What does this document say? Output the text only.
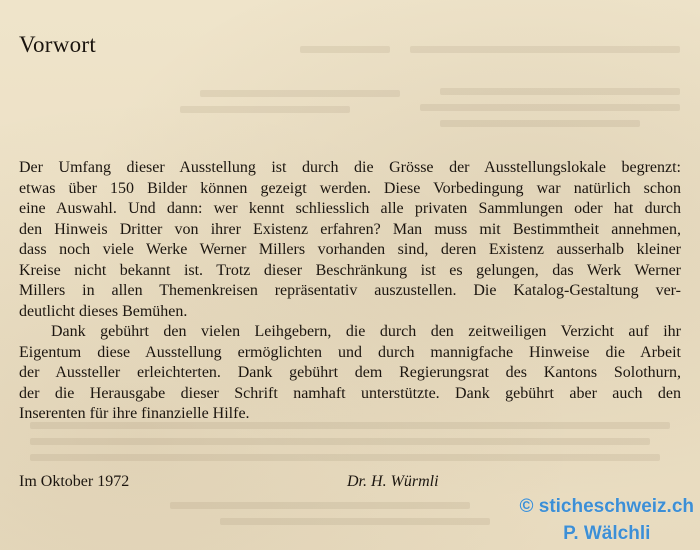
Vorwort
Der Umfang dieser Ausstellung ist durch die Grösse der Ausstellungslokale begrenzt:
etwas über 150 Bilder können gezeigt werden. Diese Vorbedingung war natürlich schon
eine Auswahl. Und dann: wer kennt schliesslich alle privaten Sammlungen oder hat durch
den Hinweis Dritter von ihrer Existenz erfahren? Man muss mit Bestimmtheit annehmen,
dass noch viele Werke Werner Millers vorhanden sind, deren Existenz ausserhalb kleiner
Kreise nicht bekannt ist. Trotz dieser Beschränkung ist es gelungen, das Werk Werner
Millers in allen Themenkreisen repräsentativ auszustellen. Die Katalog-Gestaltung ver-
deutlicht dieses Bemühen.
Dank gebührt den vielen Leihgebern, die durch den zeitweiligen Verzicht auf ihr
Eigentum diese Ausstellung ermöglichten und durch mannigfache Hinweise die Arbeit
der Aussteller erleichterten. Dank gebührt dem Regierungsrat des Kantons Solothurn,
der die Herausgabe dieser Schrift namhaft unterstützte. Dank gebührt aber auch den
Inserenten für ihre finanzielle Hilfe.
Im Oktober 1972	Dr. H. Würmli
© sticheschweiz.ch
P. Wälchli
